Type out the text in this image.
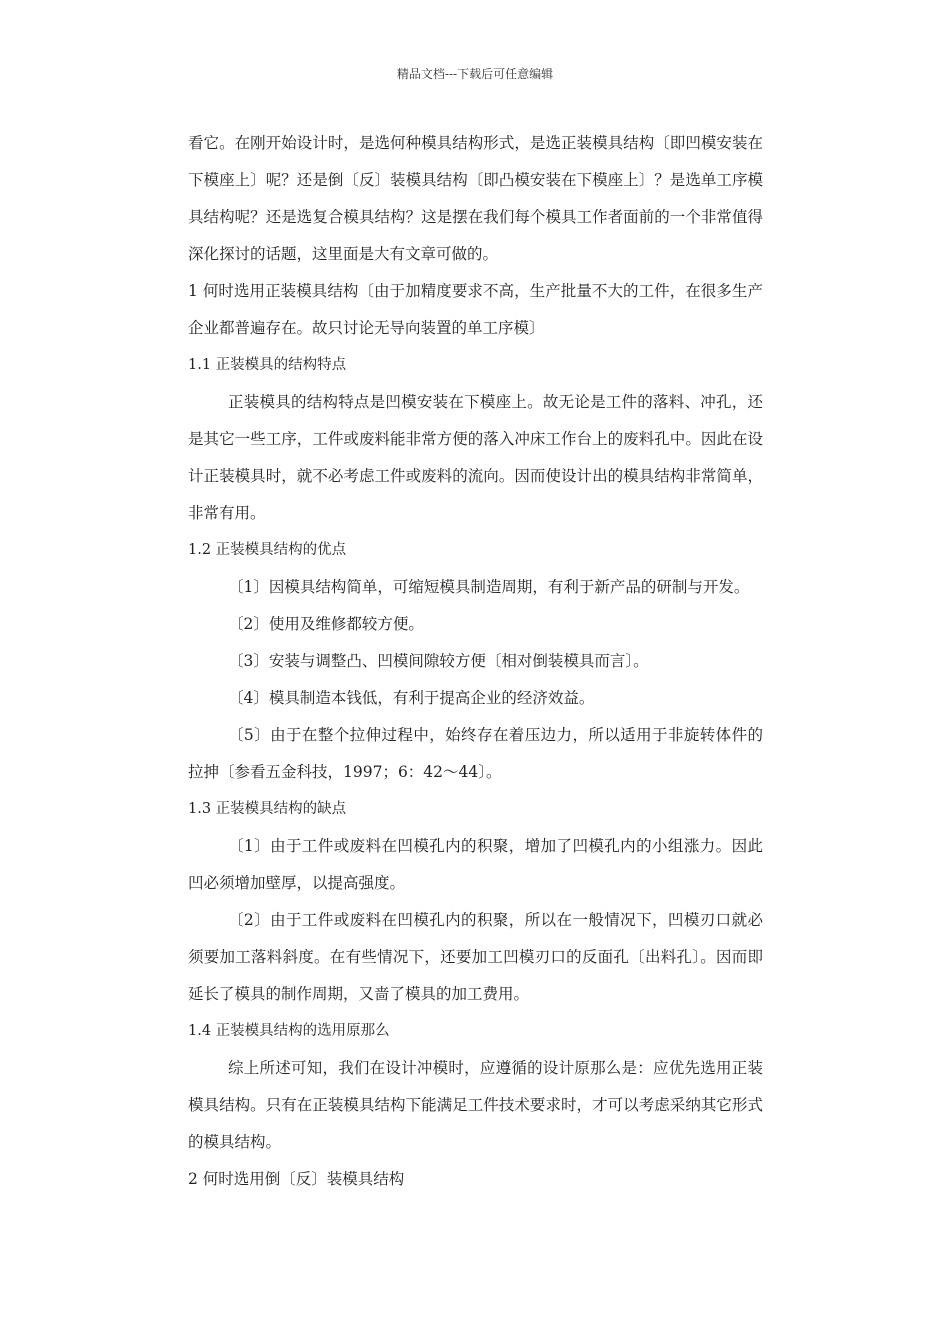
精品文档---下载后可任意编辑

看它。在刚开始设计时，是选何种模具结构形式，是选正装模具结构〔即凹模安装在下模座上〕呢？还是倒〔反〕装模具结构〔即凸模安装在下模座上〕？是选单工序模具结构呢？还是选复合模具结构？这是摆在我们每个模具工作者面前的一个非常值得深化探讨的话题，这里面是大有文章可做的。

1 何时选用正装模具结构〔由于加精度要求不高，生产批量不大的工件，在很多生产企业都普遍存在。故只讨论无导向装置的单工序模〕

1.1 正装模具的结构特点

正装模具的结构特点是凹模安装在下模座上。故无论是工件的落料、冲孔，还是其它一些工序，工件或废料能非常方便的落入冲床工作台上的废料孔中。因此在设计正装模具时，就不必考虑工件或废料的流向。因而使设计出的模具结构非常简单，非常有用。

1.2 正装模具结构的优点

〔1〕因模具结构简单，可缩短模具制造周期，有利于新产品的研制与开发。

〔2〕使用及维修都较方便。

〔3〕安装与调整凸、凹模间隙较方便〔相对倒装模具而言〕。

〔4〕模具制造本钱低，有利于提高企业的经济效益。

〔5〕由于在整个拉伸过程中，始终存在着压边力，所以适用于非旋转体件的拉抻〔参看五金科技，1997；6：42～44〕。

1.3 正装模具结构的缺点

〔1〕由于工件或废料在凹模孔内的积聚，增加了凹模孔内的小组涨力。因此凹必须增加壁厚，以提高强度。

〔2〕由于工件或废料在凹模孔内的积聚，所以在一般情况下，凹模刃口就必须要加工落料斜度。在有些情况下，还要加工凹模刃口的反面孔〔出料孔〕。因而即延长了模具的制作周期，又啬了模具的加工费用。

1.4 正装模具结构的选用原那么

综上所述可知，我们在设计冲模时，应遵循的设计原那么是：应优先选用正装模具结构。只有在正装模具结构下能满足工件技术要求时，才可以考虑采纳其它形式的模具结构。

2 何时选用倒〔反〕装模具结构
